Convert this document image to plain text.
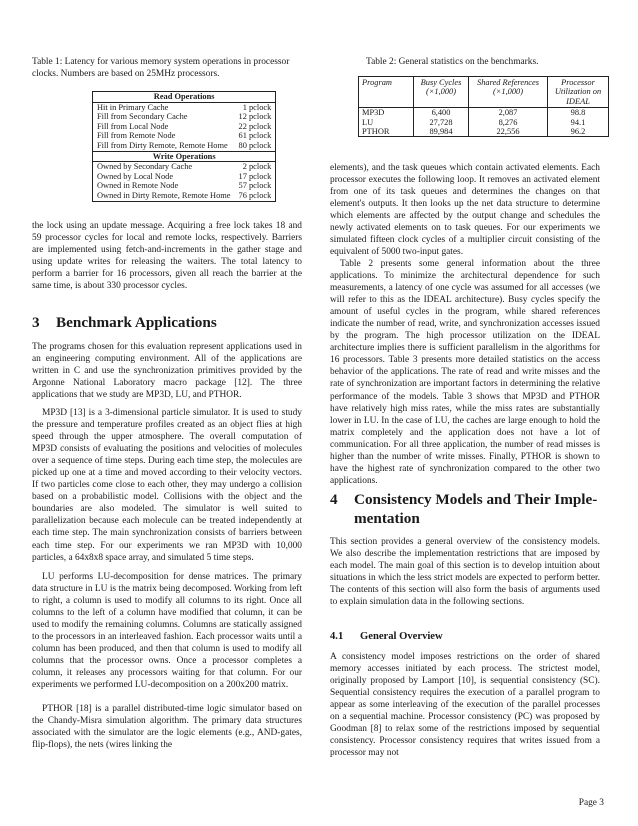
Table 1: Latency for various memory system operations in processor clocks. Numbers are based on 25MHz processors.
Read Operations	
Hit in Primary Cache	1 pclock
Fill from Secondary Cache	12 pclock
Fill from Local Node	22 pclock
Fill from Remote Node	61 pclock
Fill from Dirty Remote, Remote Home	80 pclock
Write Operations	
Owned by Secondary Cache	2 pclock
Owned by Local Node	17 pclock
Owned in Remote Node	57 pclock
Owned in Dirty Remote, Remote Home	76 pclock

the lock using an update message. Acquiring a free lock takes 18 and 59 processor cycles for local and remote locks, respectively. Barriers are implemented using fetch-and-increments in the gather stage and using update writes for releasing the waiters. The total latency to perform a barrier for 16 processors, given all reach the barrier at the same time, is about 330 processor cycles.

3 Benchmark Applications

The programs chosen for this evaluation represent applications used in an engineering computing environment. All of the applications are written in C and use the synchronization primitives provided by the Argonne National Laboratory macro package [12]. The three applications that we study are MP3D, LU, and PTHOR.

MP3D [13] is a 3-dimensional particle simulator. It is used to study the pressure and temperature profiles created as an object flies at high speed through the upper atmosphere. The overall computation of MP3D consists of evaluating the positions and velocities of molecules over a sequence of time steps. During each time step, the molecules are picked up one at a time and moved according to their velocity vectors. If two particles come close to each other, they may undergo a collision based on a probabilistic model. Collisions with the object and the boundaries are also modeled. The simulator is well suited to parallelization because each molecule can be treated independently at each time step. The main synchronization consists of barriers between each time step. For our experiments we ran MP3D with 10,000 particles, a 64x8x8 space array, and simulated 5 time steps.

LU performs LU-decomposition for dense matrices. The primary data structure in LU is the matrix being decomposed. Working from left to right, a column is used to modify all columns to its right. Once all columns to the left of a column have modified that column, it can be used to modify the remaining columns. Columns are statically assigned to the processors in an interleaved fashion. Each processor waits until a column has been produced, and then that column is used to modify all columns that the processor owns. Once a processor completes a column, it releases any processors waiting for that column. For our experiments we performed LU-decomposition on a 200x200 matrix.

PTHOR [18] is a parallel distributed-time logic simulator based on the Chandy-Misra simulation algorithm. The primary data structures associated with the simulator are the logic elements (e.g., AND-gates, flip-flops), the nets (wires linking the

Table 2: General statistics on the benchmarks.
Program	Busy Cycles (×1,000)	Shared References (×1,000)	Processor Utilization on IDEAL
MP3D	6,400	2,087	98.8
LU	27,728	8,276	94.1
PTHOR	89,984	22,556	96.2

elements), and the task queues which contain activated elements. Each processor executes the following loop. It removes an activated element from one of its task queues and determines the changes on that element's outputs. It then looks up the net data structure to determine which elements are affected by the output change and schedules the newly activated elements on to task queues. For our experiments we simulated fifteen clock cycles of a multiplier circuit consisting of the equivalent of 5000 two-input gates.

Table 2 presents some general information about the three applications. To minimize the architectural dependence for such measurements, a latency of one cycle was assumed for all accesses (we will refer to this as the IDEAL architecture). Busy cycles specify the amount of useful cycles in the program, while shared references indicate the number of read, write, and synchronization accesses issued by the program. The high processor utilization on the IDEAL architecture implies there is sufficient parallelism in the algorithms for 16 processors. Table 3 presents more detailed statistics on the access behavior of the applications. The rate of read and write misses and the rate of synchronization are important factors in determining the relative performance of the models. Table 3 shows that MP3D and PTHOR have relatively high miss rates, while the miss rates are substantially lower in LU. In the case of LU, the caches are large enough to hold the matrix completely and the application does not have a lot of communication. For all three application, the number of read misses is higher than the number of write misses. Finally, PTHOR is shown to have the highest rate of synchronization compared to the other two applications.

4 Consistency Models and Their Imple-
mentation

This section provides a general overview of the consistency models. We also describe the implementation restrictions that are imposed by each model. The main goal of this section is to develop intuition about situations in which the less strict models are expected to perform better. The contents of this section will also form the basis of arguments used to explain simulation data in the following sections.

4.1 General Overview

A consistency model imposes restrictions on the order of shared memory accesses initiated by each process. The strictest model, originally proposed by Lamport [10], is sequential consistency (SC). Sequential consistency requires the execution of a parallel program to appear as some interleaving of the execution of the parallel processes on a sequential machine. Processor consistency (PC) was proposed by Goodman [8] to relax some of the restrictions imposed by sequential consistency. Processor consistency requires that writes issued from a processor may not

Page 3
